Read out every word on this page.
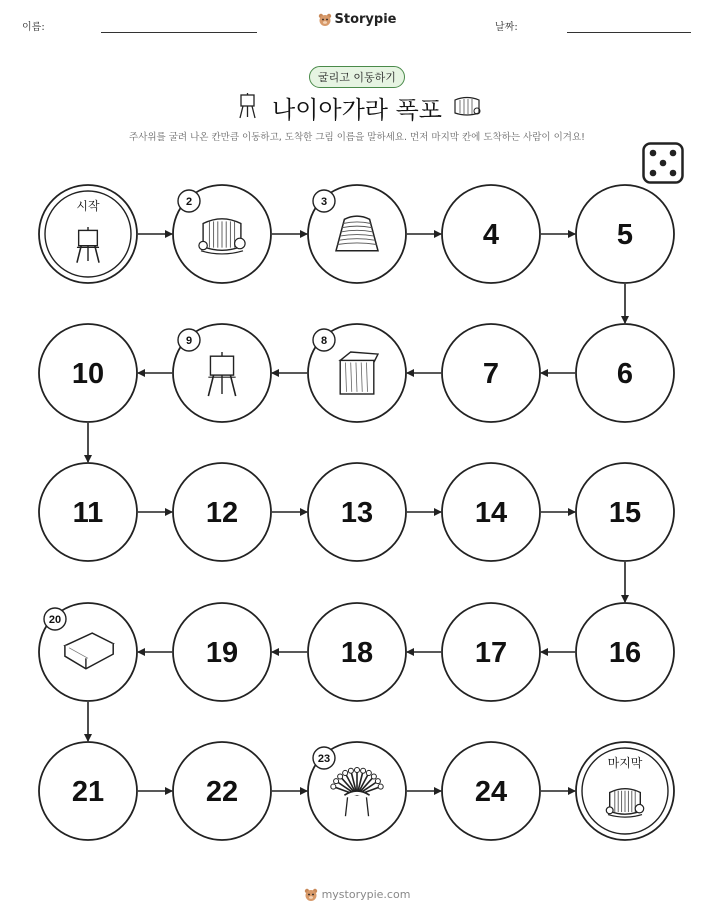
이름:
Storypie
날짜:
굴리고 이동하기
나이아가라 폭포
주사위를 굴려 나온 칸만큼 이동하고, 도착한 그림 이름을 말하세요. 먼저 마지막 칸에 도착하는 사람이 이겨요!
시작	2	3
4	5
6
7
8
9
10
11	12	13	14	15
16
17
18
19
20
21	22
23
24
마지막
mystorypie.com
